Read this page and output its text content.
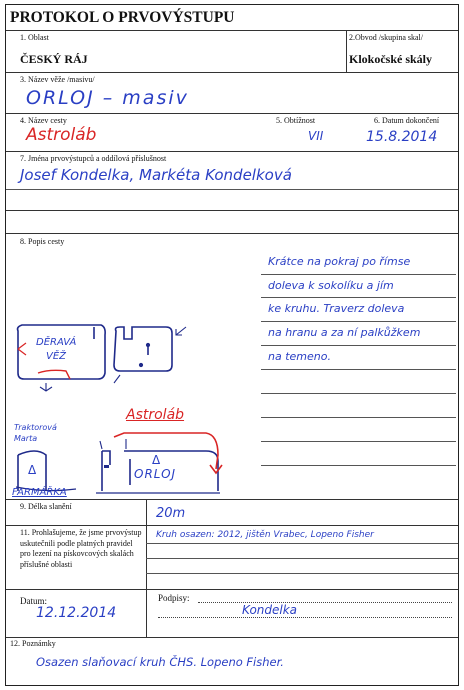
PROTOKOL O PRVOVÝSTUPU
1. Oblast
ČESKÝ RÁJ
2.Obvod /skupina skal/
Klokočské skály
3. Název věže /masivu/
ORLOJ – masiv
4. Název cesty
Astroláb
5. Obtížnost
VII
6. Datum dokončení
15.8.2014
7. Jména prvovýstupců a oddílová příslušnost
Josef Kondelka, Markéta Kondelková
8. Popis cesty
Krátce na pokraj po římse
doleva k sokolíku a jím
ke kruhu. Traverz doleva
na hranu a za ní palkůžkem
na temeno.
DĚRAVÁ
VĚŽ
Astroláb
Traktorová
Marta
Δ
Δ
ORLOJ
FARMÁŘKA
9. Délka slanění	20m
11. Prohlašujeme, že jsme prvovýstup uskutečnili podle platných pravidel pro lezení na pískovcových skalách příslušné oblasti
Kruh osazen: 2012, jištěn Vrabec, Lopeno Fisher
Datum:
12.12.2014
Podpisy:
Kondelka
12. Poznámky
Osazen slaňovací kruh ČHS. Lopeno Fisher.
